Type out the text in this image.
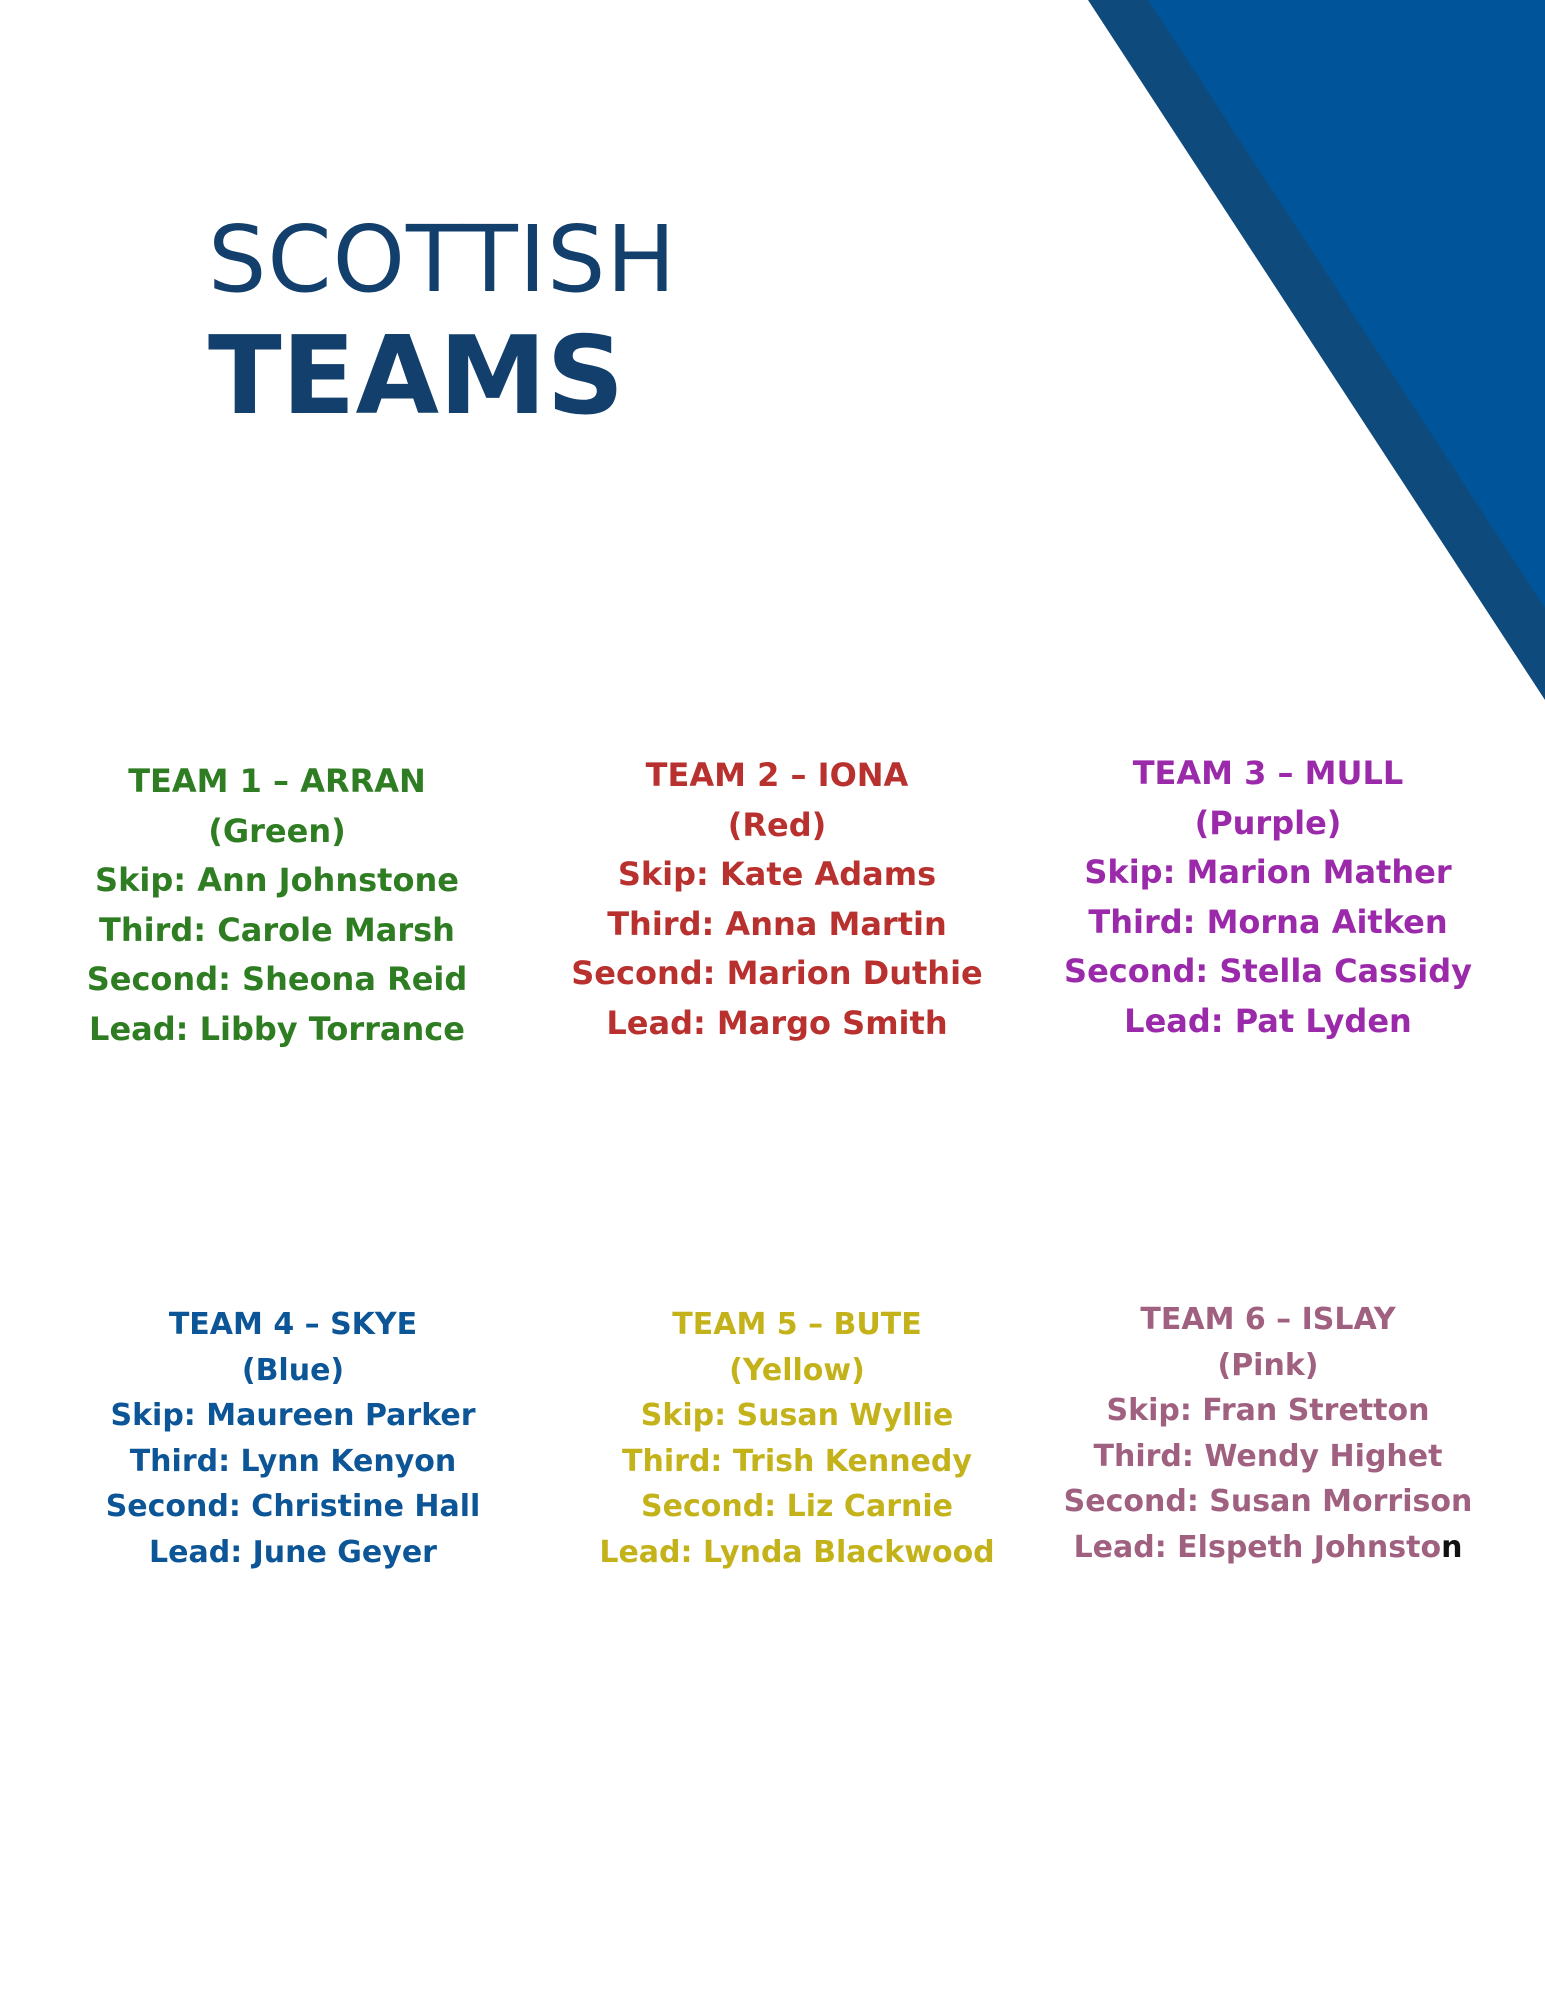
SCOTTISH
TEAMS
TEAM 1 – ARRAN
(Green)
Skip: Ann Johnstone
Third: Carole Marsh
Second: Sheona Reid
Lead: Libby Torrance
TEAM 2 – IONA
(Red)
Skip: Kate Adams
Third: Anna Martin
Second: Marion Duthie
Lead: Margo Smith
TEAM 3 – MULL
(Purple)
Skip: Marion Mather
Third: Morna Aitken
Second: Stella Cassidy
Lead: Pat Lyden
TEAM 4 – SKYE
(Blue)
Skip: Maureen Parker
Third: Lynn Kenyon
Second: Christine Hall
Lead: June Geyer
TEAM 5 – BUTE
(Yellow)
Skip: Susan Wyllie
Third: Trish Kennedy
Second: Liz Carnie
Lead: Lynda Blackwood
TEAM 6 – ISLAY
(Pink)
Skip: Fran Stretton
Third: Wendy Highet
Second: Susan Morrison
Lead: Elspeth Johnston
